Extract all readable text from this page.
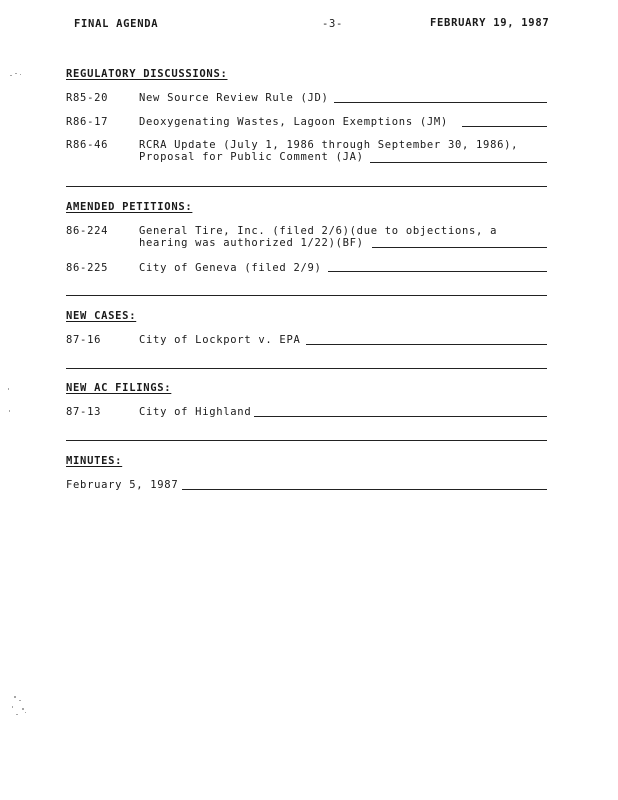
FINAL AGENDA	-3-	FEBRUARY 19, 1987
REGULATORY DISCUSSIONS:
R85-20	New Source Review Rule (JD)
R86-17	Deoxygenating Wastes, Lagoon Exemptions (JM)
R86-46	RCRA Update (July 1, 1986 through September 30, 1986),
Proposal for Public Comment (JA)
AMENDED PETITIONS:
86-224	General Tire, Inc. (filed 2/6)(due to objections, a
hearing was authorized 1/22)(BF)
86-225	City of Geneva (filed 2/9)
NEW CASES:
87-16	City of Lockport v. EPA
NEW AC FILINGS:
87-13	City of Highland
MINUTES:
February 5, 1987
